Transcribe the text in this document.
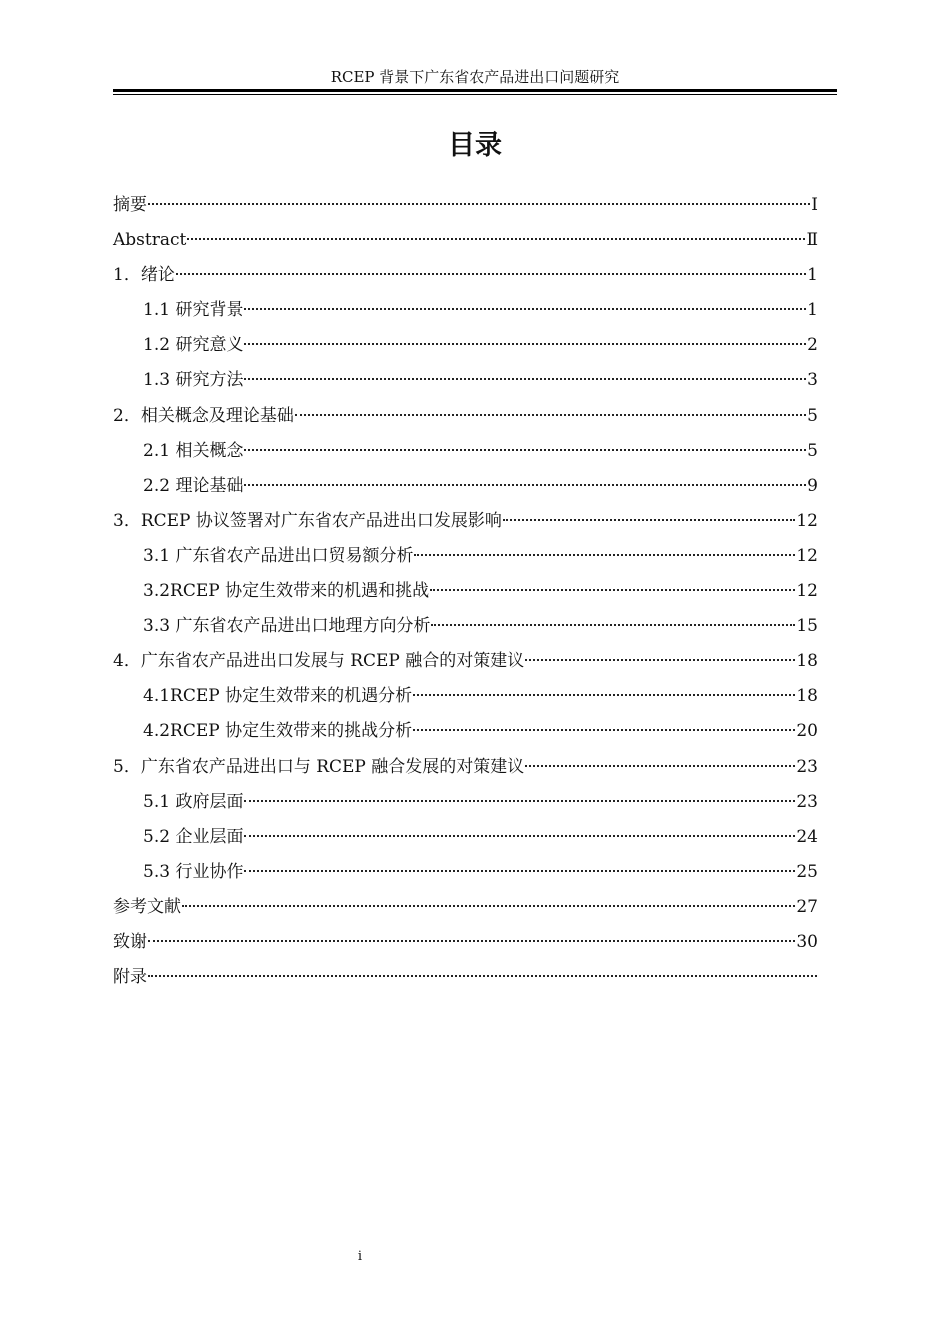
RCEP 背景下广东省农产品进出口问题研究
目录
摘要	Ⅰ
Abstract	Ⅱ
1．绪论	1
1.1 研究背景	1
1.2 研究意义	2
1.3 研究方法	3
2．相关概念及理论基础	5
2.1 相关概念	5
2.2 理论基础	9
3．RCEP 协议签署对广东省农产品进出口发展影响	12
3.1 广东省农产品进出口贸易额分析	12
3.2RCEP 协定生效带来的机遇和挑战	12
3.3 广东省农产品进出口地理方向分析	15
4．广东省农产品进出口发展与 RCEP 融合的对策建议	18
4.1RCEP 协定生效带来的机遇分析	18
4.2RCEP 协定生效带来的挑战分析	20
5．广东省农产品进出口与 RCEP 融合发展的对策建议	23
5.1 政府层面	23
5.2 企业层面	24
5.3 行业协作	25
参考文献	27
致谢	30
附录
i
